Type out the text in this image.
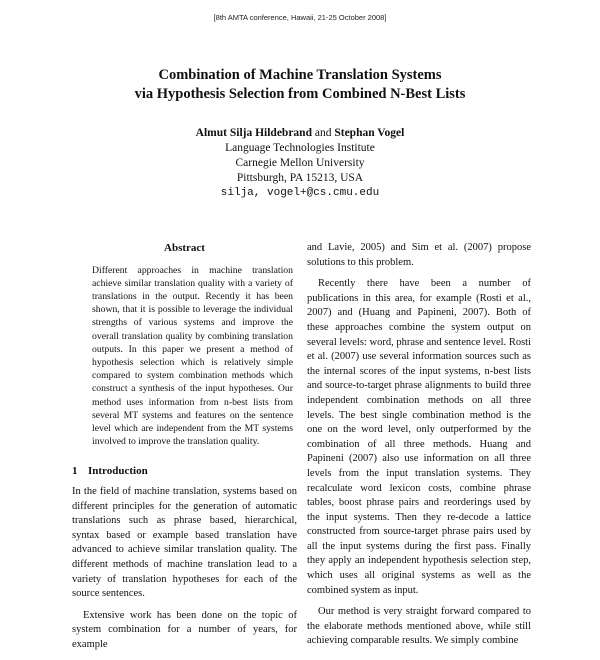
[8th AMTA conference, Hawaii, 21-25 October 2008]
Combination of Machine Translation Systems
via Hypothesis Selection from Combined N-Best Lists
Almut Silja Hildebrand and Stephan Vogel
Language Technologies Institute
Carnegie Mellon University
Pittsburgh, PA 15213, USA
silja, vogel+@cs.cmu.edu
Abstract
Different approaches in machine translation achieve similar translation quality with a variety of translations in the output. Recently it has been shown, that it is possible to leverage the individual strengths of various systems and improve the overall translation quality by combining translation outputs. In this paper we present a method of hypothesis selection which is relatively simple compared to system combination methods which construct a synthesis of the input hypotheses. Our method uses information from n-best lists from several MT systems and features on the sentence level which are independent from the MT systems involved to improve the translation quality.
1 Introduction

In the field of machine translation, systems based on different principles for the generation of automatic translations such as phrase based, hierarchical, syntax based or example based translation have advanced to achieve similar translation quality. The different methods of machine translation lead to a variety of translation hypotheses for each of the source sentences.

Extensive work has been done on the topic of system combination for a number of years, for example

and Lavie, 2005) and Sim et al. (2007) propose solutions to this problem.

Recently there have been a number of publications in this area, for example (Rosti et al., 2007) and (Huang and Papineni, 2007). Both of these approaches combine the system output on several levels: word, phrase and sentence level. Rosti et al. (2007) use several information sources such as the internal scores of the input systems, n-best lists and source-to-target phrase alignments to build three independent combination methods on all three levels. The best single combination method is the one on the word level, only outperformed by the combination of all three methods. Huang and Papineni (2007) also use information on all three levels from the input translation systems. They recalculate word lexicon costs, combine phrase tables, boost phrase pairs and reorderings used by the input systems. Then they re-decode a lattice constructed from source-target phrase pairs used by all the input systems during the first pass. Finally they apply an independent hypothesis selection step, which uses all original systems as well as the combined system as input.

Our method is very straight forward compared to the elaborate methods mentioned above, while still achieving comparable results. We simply combine
